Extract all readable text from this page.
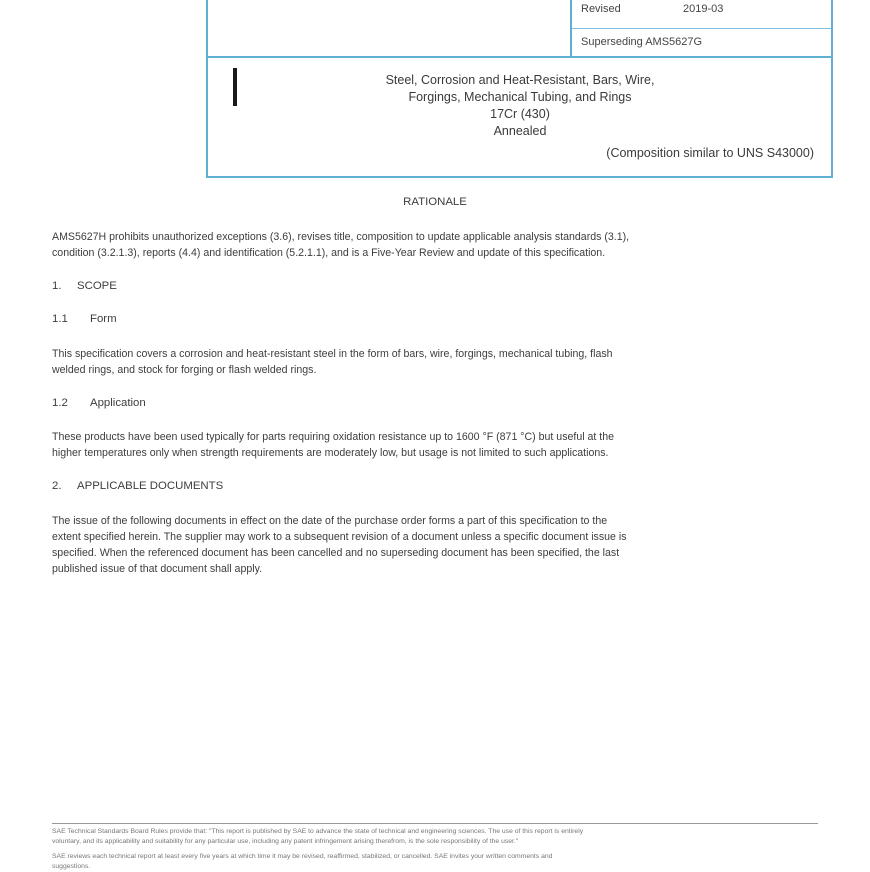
Revised	2019-03
Superseding AMS5627G
Steel, Corrosion and Heat-Resistant, Bars, Wire,
Forgings, Mechanical Tubing, and Rings
17Cr (430)
Annealed
(Composition similar to UNS S43000)
RATIONALE
AMS5627H prohibits unauthorized exceptions (3.6), revises title, composition to update applicable analysis standards (3.1),
condition (3.2.1.3), reports (4.4) and identification (5.2.1.1), and is a Five-Year Review and update of this specification.
1. SCOPE
1.1 Form
This specification covers a corrosion and heat-resistant steel in the form of bars, wire, forgings, mechanical tubing, flash
welded rings, and stock for forging or flash welded rings.
1.2 Application
These products have been used typically for parts requiring oxidation resistance up to 1600 °F (871 °C) but useful at the
higher temperatures only when strength requirements are moderately low, but usage is not limited to such applications.
2. APPLICABLE DOCUMENTS
The issue of the following documents in effect on the date of the purchase order forms a part of this specification to the
extent specified herein. The supplier may work to a subsequent revision of a document unless a specific document issue is
specified. When the referenced document has been cancelled and no superseding document has been specified, the last
published issue of that document shall apply.
SAE Technical Standards Board Rules provide that: "This report is published by SAE to advance the state of technical and engineering sciences. The use of this report is entirely
voluntary, and its applicability and suitability for any particular use, including any patent infringement arising therefrom, is the sole responsibility of the user."
SAE reviews each technical report at least every five years at which time it may be revised, reaffirmed, stabilized, or cancelled. SAE invites your written comments and
suggestions.
